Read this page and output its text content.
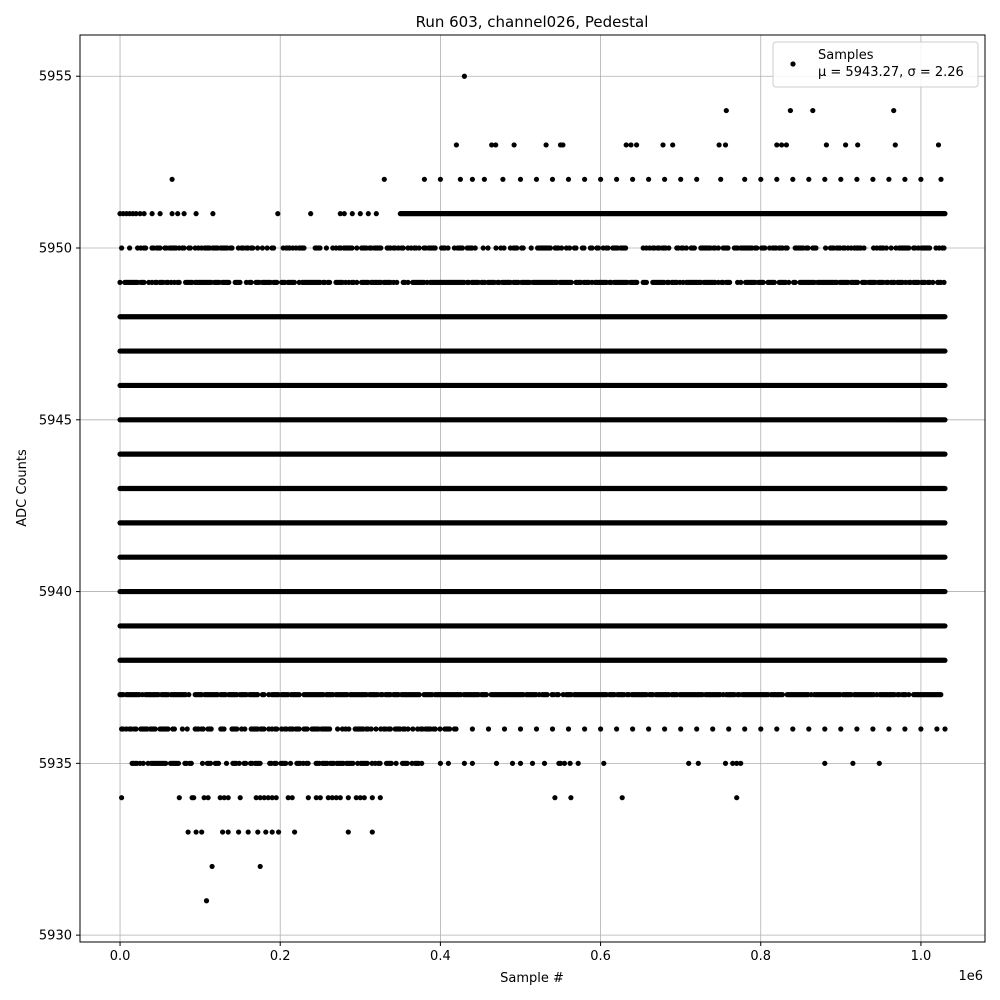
0.0	0.2	0.4	0.6	0.8	1.0
5930
5935
5940
5945
5950
5955
Run 603, channel026, Pedestal
Sample #
ADC Counts
1e6
Samples
μ = 5943.27, σ = 2.26
